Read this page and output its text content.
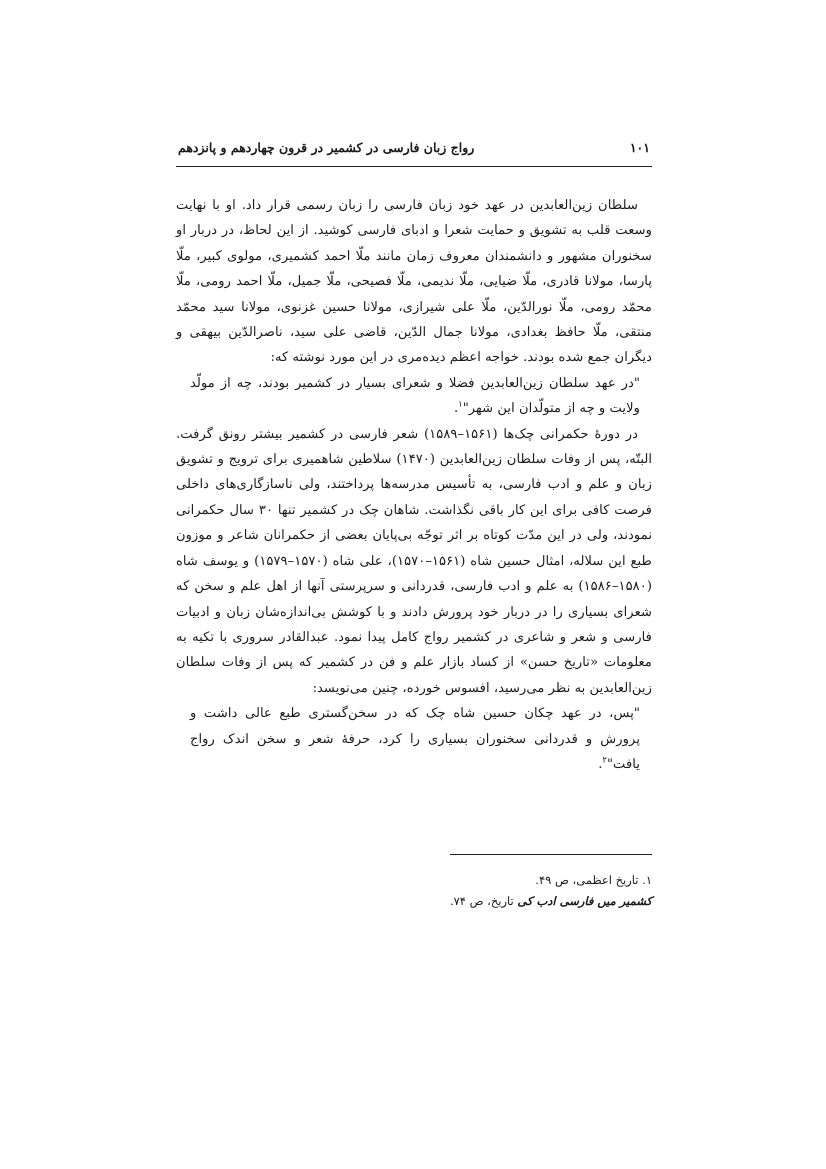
۱۰۱
رواج زبان فارسی در کشمیر در قرون چهاردهم و پانزدهم

سلطان زین‌العابدین در عهد خود زبان فارسی را زبان رسمی قرار داد. او با نهایت وسعت قلب به تشویق و حمایت شعرا و ادبای فارسی کوشید. از این لحاظ، در دربار او سخنوران مشهور و دانشمندان معروف زمان مانند ملّا احمد کشمیری، مولوی کبیر، ملّا پارسا، مولانا قادری، ملّا ضیایی، ملّا ندیمی، ملّا فصیحی، ملّا جمیل، ملّا احمد رومی، ملّا محمّد رومی، ملّا نورالدّین، ملّا علی شیرازی، مولانا حسین غزنوی، مولانا سید محمّد منتقی، ملّا حافظ بغدادی، مولانا جمال الدّین، قاضی علی سید، ناصرالدّین بیهقی و دیگران جمع شده بودند. خواجه اعظم دیده‌مری در این مورد نوشته که:

"در عهد سلطان زین‌العابدین فضلا و شعرای بسیار در کشمیر بودند، چه از مولّد ولایت و چه از متولّدان این شهر"$^۱$.

در دورهٔ حکمرانی چک‌ها (۱۵۶۱–۱۵۸۹) شعر فارسی در کشمیر بیشتر رونق گرفت. البتّه، پس از وفات سلطان زین‌العابدین (۱۴۷۰) سلاطین شاهمیری برای ترویج و تشویق زبان و علم و ادب فارسی، به تأسیس مدرسه‌ها پرداختند، ولی ناسازگاری‌های داخلی فرصت کافی برای این کار باقی نگذاشت. شاهان چک در کشمیر تنها ۳۰ سال حکمرانی نمودند، ولی در این مدّت کوتاه بر اثر توجّه بی‌پایان بعضی از حکمرانان شاعر و موزون طبع این سلاله، امثال حسین شاه (۱۵۶۱–۱۵۷۰)، علی شاه (۱۵۷۰–۱۵۷۹) و یوسف شاه (۱۵۸۰–۱۵۸۶) به علم و ادب فارسی، قدردانی و سرپرستی آنها از اهل علم و سخن که شعرای بسیاری را در دربار خود پرورش دادند و با کوشش بی‌اندازه‌شان زبان و ادبیات فارسی و شعر و شاعری در کشمیر رواج کامل پیدا نمود. عبدالقادر سروری با تکیه به معلومات «تاریخ حسن» از کساد بازار علم و فن در کشمیر که پس از وفات سلطان زین‌العابدین به نظر می‌رسید، افسوس خورده، چنین می‌نویسد:

"پس، در عهد چکان حسین شاه چک که در سخن‌گستری طبع عالی داشت و پرورش و قدردانی سخنوران بسیاری را کرد، حرفهٔ شعر و سخن اندک رواج یافت"$^۲$.

۱. تاریخ اعظمی، ص ۴۹.
کشمیر میں فارسی ادب کی تاریخ، ص ۷۴.
